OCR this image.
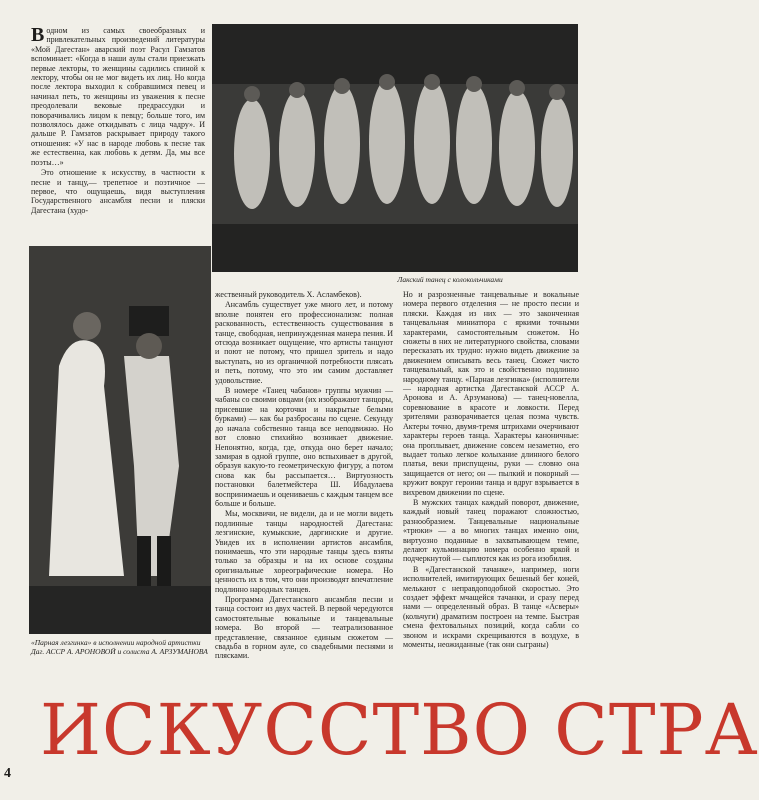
Водном из самых своеобразных и привлекательных произведений литературы «Мой Дагестан» аварский поэт Расул Гамзатов вспоминает: «Когда в наши аулы стали приезжать первые лекторы, то женщины садились спиной к лектору, чтобы он не мог видеть их лиц. Но когда после лектора выходил к собравшимся певец и начинал петь, то женщины из уважения к песне преодолевали вековые предрассудки и поворачивались лицом к певцу; больше того, им позволялось даже откидывать с лица чадру». И дальше Р. Гамзатов раскрывает природу такого отношения: «У нас в народе любовь к песне так же естественна, как любовь к детям. Да, мы все поэты…»

Это отношение к искусству, в частности к песне и танцу,— трепетное и поэтичное — первое, что ощущаешь, видя выступления Государственного ансамбля песни и пляски Дагестана (худо-

Лакский танец с колокольчиками
«Парная лезгинка» в исполнении народной артистки Даг. АССР А. АРОНОВОЙ и солиста А. АРЗУМАНОВА

жественный руководитель Х. Асламбеков).

Ансамбль существует уже много лет, и потому вполне понятен его профессионализм: полная раскованность, естественность существования в танце, свободная, непринужденная манера пения. И отсюда возникает ощущение, что артисты танцуют и поют не потому, что пришел зритель и надо выступать, но из органичной потребности плясать и петь, потому, что это им самим доставляет удовольствие.

В номере «Танец чабанов» группы мужчин — чабаны со своими овцами (их изображают танцоры, присевшие на корточки и накрытые белыми бурками) — как бы разбросаны по сцене. Секунду до начала собственно танца все неподвижно. Но вот словно стихийно возникает движение. Непонятно, когда, где, откуда оно берет начало; замирая в одной группе, оно вспыхивает в другой, образуя какую-то геометрическую фигуру, а потом снова как бы рассыпается… Виртуозность постановки балетмейстера Ш. Ибадулаева воспринимаешь и оцениваешь с каждым танцем все больше и больше.

Мы, москвичи, не видели, да и не могли видеть подлинные танцы народностей Дагестана: лезгинские, кумыкские, даргинские и другие. Увидев их в исполнении артистов ансамбля, понимаешь, что эти народные танцы здесь взяты только за образцы и на их основе созданы оригинальные хореографические номера. Но ценность их в том, что они производят впечатление подлинно народных танцев.

Программа Дагестанского ансамбля песни и танца состоит из двух частей. В первой чередуются самостоятельные вокальные и танцевальные номера. Во второй — театрализованное представление, связанное единым сюжетом — свадьба в горном ауле, со свадебными песнями и плясками.

Но и разрозненные танцевальные и вокальные номера первого отделения — не просто песни и пляски. Каждая из них — это законченная танцевальная миниатюра с яркими точными характерами, самостоятельным сюжетом. Но сюжеты в них не литературного свойства, словами пересказать их трудно: нужно видеть движение за движением описывать весь танец. Сюжет чисто танцевальный, как это и свойственно подлинно народному танцу. «Парная лезгинка» (исполнители — народная артистка Дагестанской АССР А. Аронова и А. Арзуманова) — танец-новелла, соревнование в красоте и ловкости. Перед зрителями разворачивается целая поэма чувств. Актеры точно, двумя-тремя штрихами очерчивают характеры героев танца. Характеры каноничные: она проплывает, движение совсем незаметно, его выдает только легкое колыхание длинного белого платья, веки приспущены, руки — словно она защищается от него; он — пылкий и покорный — кружит вокруг героини танца и вдруг взрывается в вихревом движении по сцене.

В мужских танцах каждый поворот, движение, каждый новый танец поражают сложностью, разнообразием. Танцевальные национальные «трюки» — а во многих танцах именно они, виртуозно поданные в захватывающем темпе, делают кульминацию номера особенно яркой и подчеркнутой — сыплются как из рога изобилия.

В «Дагестанской тачанке», например, ноги исполнителей, имитирующих бешеный бег коней, мелькают с неправдоподобной скоростью. Это создает эффект мчащейся тачанки, и сразу перед нами — определенный образ. В танце «Асверы» (кольчуги) драматизм построен на темпе. Быстрая смена фехтовальных позиций, когда сабли со звоном и искрами скрещиваются в воздухе, в моменты, неожиданные (так они сыграны)

ИСКУССТВО СТРА
4
